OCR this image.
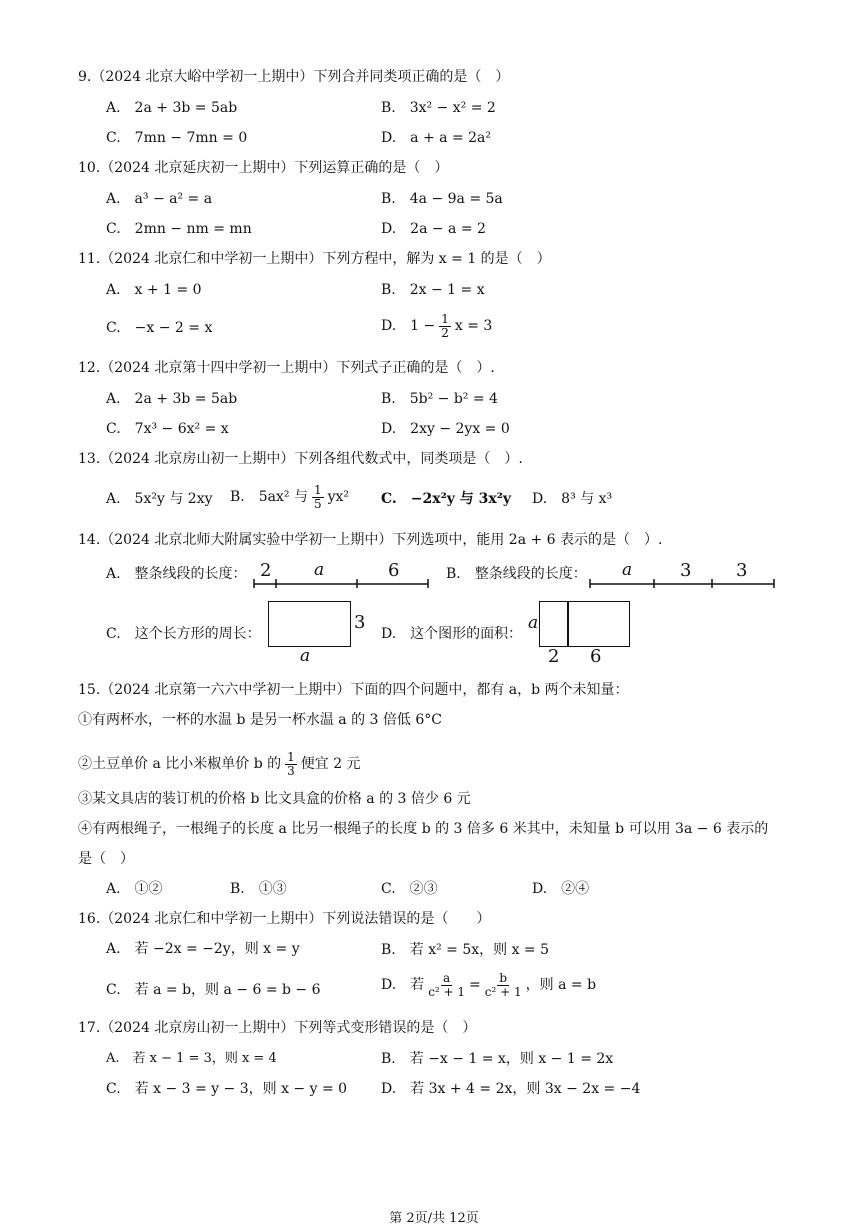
9.（2024 北京大峪中学初一上期中）下列合并同类项正确的是（　）
A.　2a + 3b = 5ab	B.　3x² − x² = 2
C.　7mn − 7mn = 0	D.　a + a = 2a²
10.（2024 北京延庆初一上期中）下列运算正确的是（　）
A.　a³ − a² = a	B.　4a − 9a = 5a
C.　2mn − nm = mn	D.　2a − a = 2
11.（2024 北京仁和中学初一上期中）下列方程中，解为 x = 1 的是（　）
A.　x + 1 = 0	B.　2x − 1 = x
C.　−x − 2 = x	D.　$1 - \frac{1}{2}$ x = 3
12.（2024 北京第十四中学初一上期中）下列式子正确的是（　）.
A.　2a + 3b = 5ab	B.　5b² − b² = 4
C.　7x³ − 6x² = x	D.　2xy − 2yx = 0
13.（2024 北京房山初一上期中）下列各组代数式中，同类项是（　）.
A.　5x²y 与 2xy B.　5ax² 与 $\frac{1}{5} yx^2$ C.　−2x²y 与 3x²y D.　8³ 与 x³
14.（2024 北京北师大附属实验中学初一上期中）下列选项中，能用 2a + 6 表示的是（　）.
A.　整条线段的长度： 2	a	6	B.　整条线段的长度： a	3 3
C.　这个长方形的周长：
3
a
D.　这个图形的面积：
a
2 6
15.（2024 北京第一六六中学初一上期中）下面的四个问题中，都有 a，b 两个未知量：
①有两杯水，一杯的水温 b 是另一杯水温 a 的 3 倍低 6°C
②土豆单价 a 比小米椒单价 b 的 $\frac{1}{3}$ 便宜 2 元
③某文具店的装订机的价格 b 比文具盒的价格 a 的 3 倍少 6 元
④有两根绳子，一根绳子的长度 a 比另一根绳子的长度 b 的 3 倍多 6 米其中，未知量 b 可以用 3a − 6 表示的
是（　）
A.　①②	B.　①③	C.　②③	D.　②④
16.（2024 北京仁和中学初一上期中）下列说法错误的是（　　）
A.　若 −2x = −2y，则 x = y	B.　若 x² = 5x，则 x = 5
C.　若 a = b，则 a − 6 = b − 6	D.　若 $\frac{a}{\text{c² + 1}} = \frac{b}{\text{c² + 1}}$ ，则 a = b
17.（2024 北京房山初一上期中）下列等式变形错误的是（　）
A.　若 x − 1 = 3，则 x = 4	B.　若 −x − 1 = x，则 x − 1 = 2x
C.　若 x − 3 = y − 3，则 x − y = 0 D.　若 3x + 4 = 2x，则 3x − 2x = −4
第 2页/共 12页
